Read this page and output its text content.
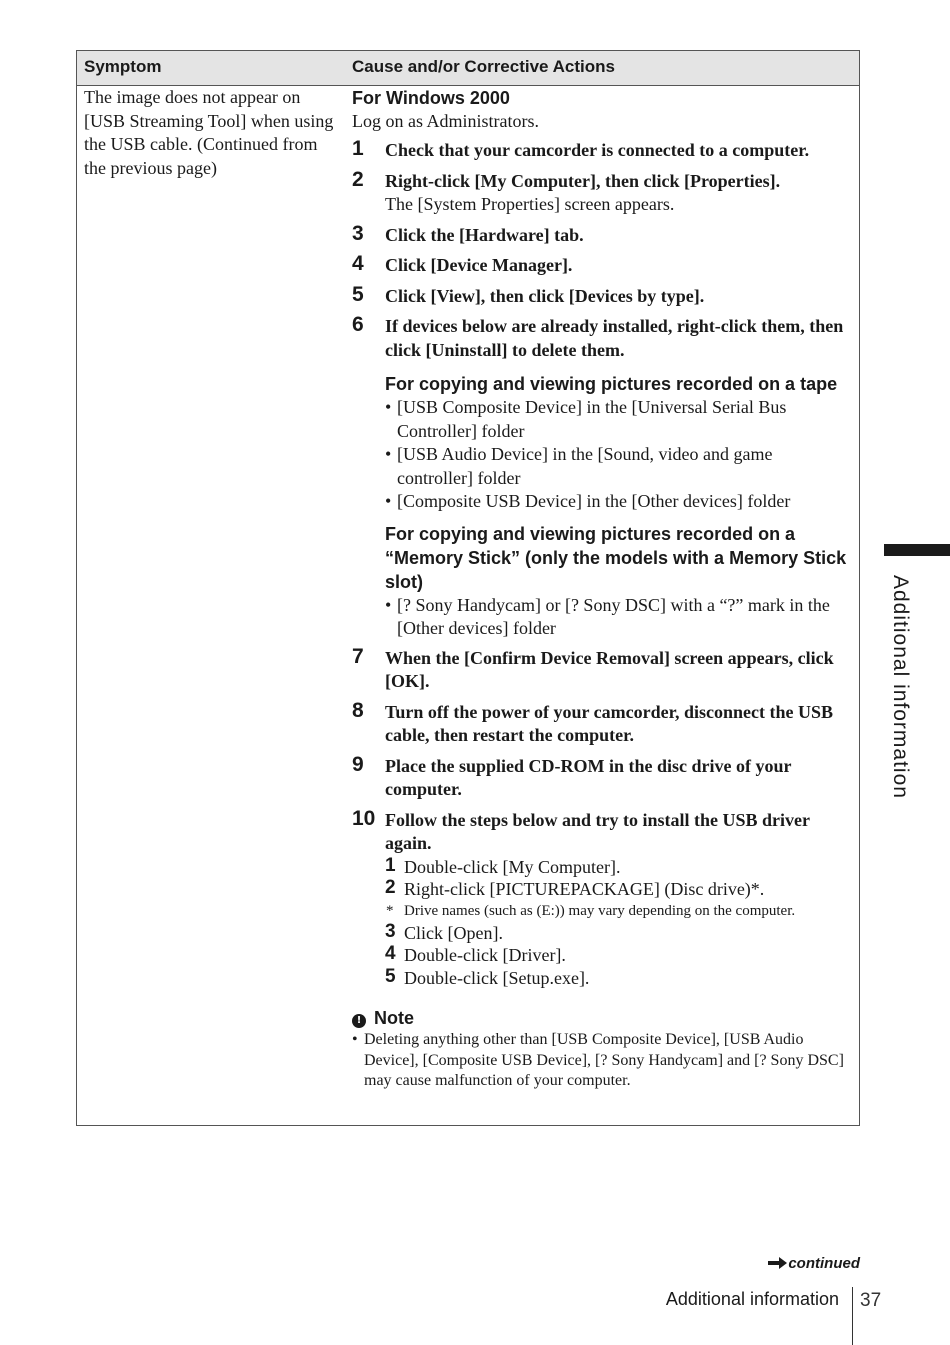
Symptom	Cause and/or Corrective Actions
The image does not appear on [USB Streaming Tool] when using the USB cable. (Continued from the previous page)
For Windows 2000
Log on as Administrators.
1 Check that your camcorder is connected to a computer.
2 Right-click [My Computer], then click [Properties].
The [System Properties] screen appears.
3 Click the [Hardware] tab.
4 Click [Device Manager].
5 Click [View], then click [Devices by type].
6 If devices below are already installed, right-click them, then click [Uninstall] to delete them.
For copying and viewing pictures recorded on a tape
• [USB Composite Device] in the [Universal Serial Bus Controller] folder
• [USB Audio Device] in the [Sound, video and game controller] folder
• [Composite USB Device] in the [Other devices] folder
For copying and viewing pictures recorded on a “Memory Stick” (only the models with a Memory Stick slot)
• [? Sony Handycam] or [? Sony DSC] with a “?” mark in the [Other devices] folder
7 When the [Confirm Device Removal] screen appears, click [OK].
8 Turn off the power of your camcorder, disconnect the USB cable, then restart the computer.
9 Place the supplied CD-ROM in the disc drive of your computer.
10 Follow the steps below and try to install the USB driver again.
1 Double-click [My Computer].
2 Right-click [PICTUREPACKAGE] (Disc drive)*.
* Drive names (such as (E:)) may vary depending on the computer.
3 Click [Open].
4 Double-click [Driver].
5 Double-click [Setup.exe].
! Note
• Deleting anything other than [USB Composite Device], [USB Audio Device], [Composite USB Device], [? Sony Handycam] and [? Sony DSC] may cause malfunction of your computer.
Additional information
continued
Additional information 37
